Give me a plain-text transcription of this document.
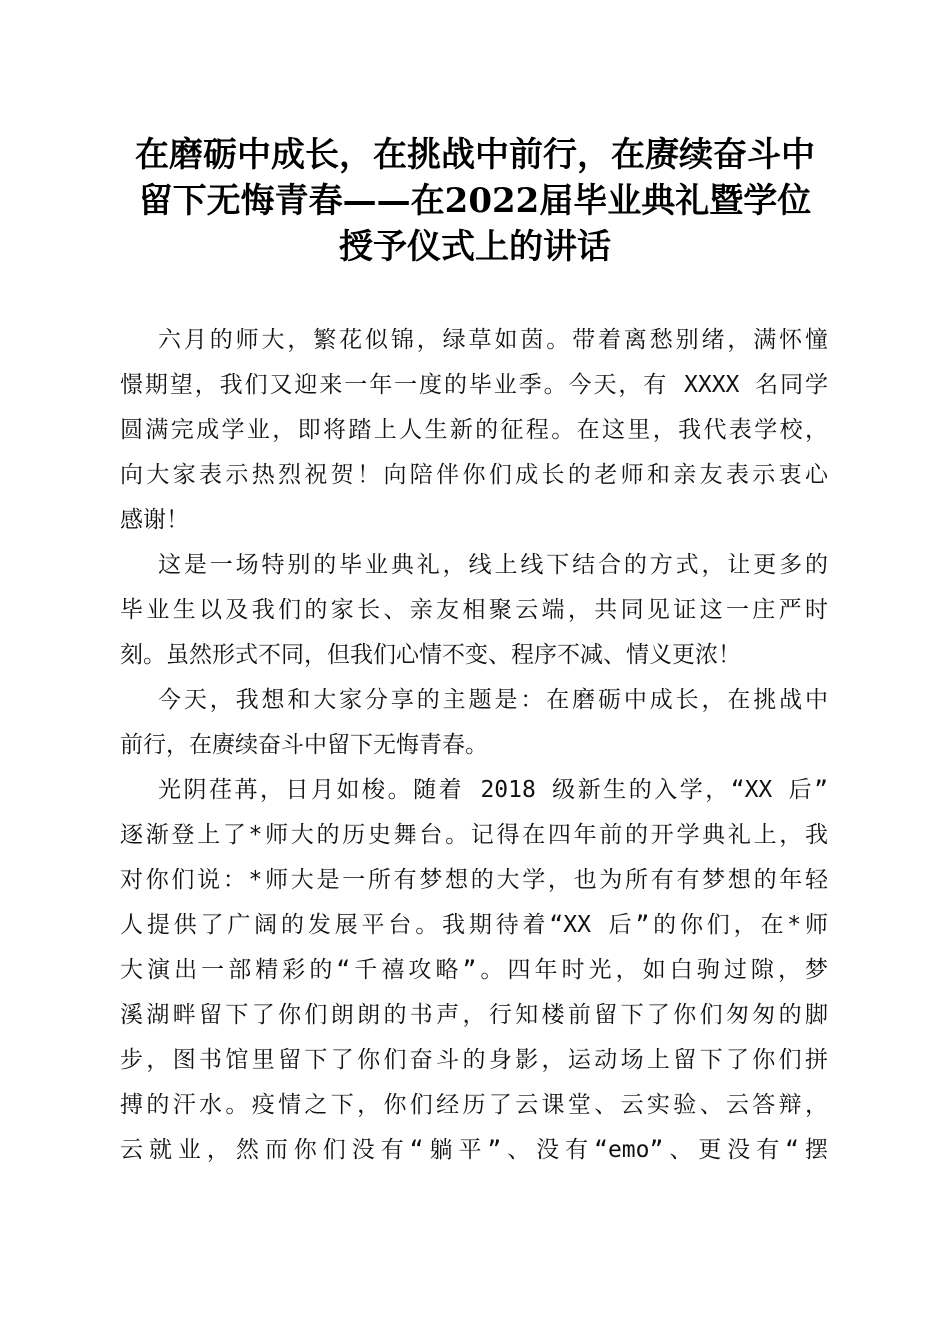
在磨砺中成长，在挑战中前行，在赓续奋斗中
留下无悔青春——在2022届毕业典礼暨学位
授予仪式上的讲话
六月的师大，繁花似锦，绿草如茵。带着离愁别绪，满怀憧
憬期望，我们又迎来一年一度的毕业季。今天，有 XXXX 名同学
圆满完成学业，即将踏上人生新的征程。在这里，我代表学校，
向大家表示热烈祝贺！向陪伴你们成长的老师和亲友表示衷心
感谢！
这是一场特别的毕业典礼，线上线下结合的方式，让更多的
毕业生以及我们的家长、亲友相聚云端，共同见证这一庄严时
刻。虽然形式不同，但我们心情不变、程序不减、情义更浓！
今天，我想和大家分享的主题是：在磨砺中成长，在挑战中
前行，在赓续奋斗中留下无悔青春。
光阴荏苒，日月如梭。随着 2018 级新生的入学，“XX 后”
逐渐登上了*师大的历史舞台。记得在四年前的开学典礼上，我
对你们说：*师大是一所有梦想的大学，也为所有有梦想的年轻
人提供了广阔的发展平台。我期待着“XX 后”的你们，在*师
大演出一部精彩的“千禧攻略”。四年时光，如白驹过隙，梦
溪湖畔留下了你们朗朗的书声，行知楼前留下了你们匆匆的脚
步，图书馆里留下了你们奋斗的身影，运动场上留下了你们拼
搏的汗水。疫情之下，你们经历了云课堂、云实验、云答辩，
云就业，然而你们没有“躺平”、没有“emo”、更没有“摆
